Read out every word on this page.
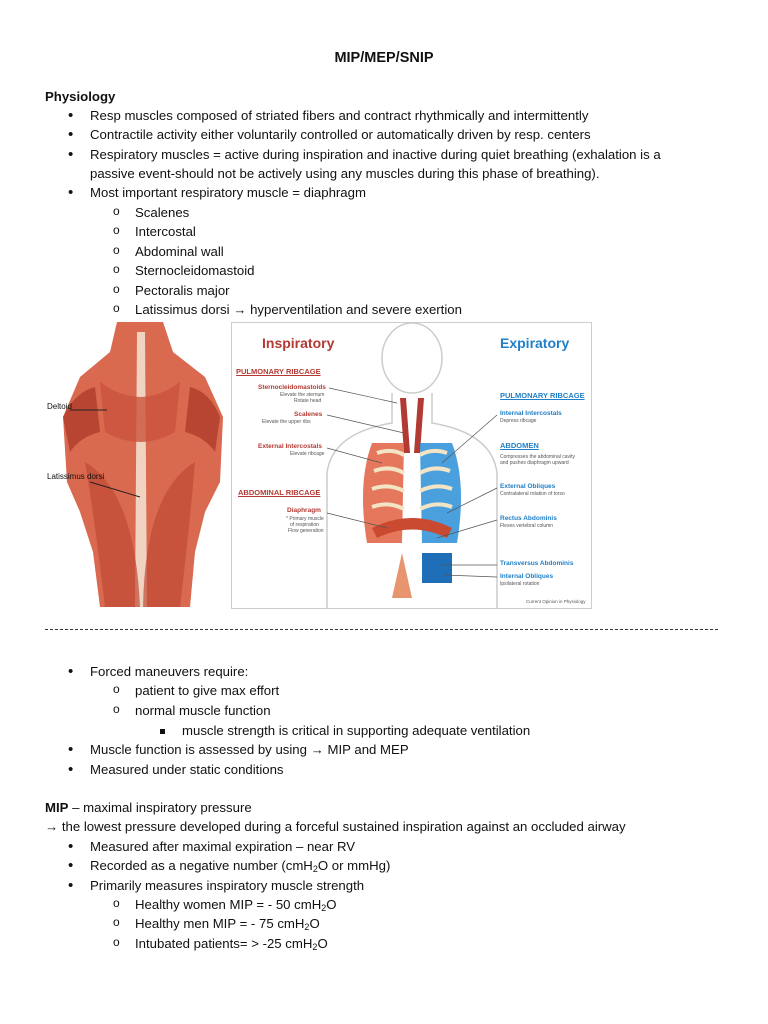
MIP/MEP/SNIP
Physiology
• Resp muscles composed of striated fibers and contract rhythmically and intermittently
• Contractile activity either voluntarily controlled or automatically driven by resp. centers
• Respiratory muscles = active during inspiration and inactive during quiet breathing (exhalation is a
passive event-should not be actively using any muscles during this phase of breathing).
• Most important respiratory muscle = diaphragm
o Scalenes
o Intercostal
o Abdominal wall
o Sternocleidomastoid
o Pectoralis major
o Latissimus dorsi → hyperventilation and severe exertion
Deltoid
Latissimus dorsi
Inspiratory	Expiratory
PULMONARY RIBCAGE
Sternocleidomastoids
Elevate the sternum
Rotate head
Scalenes
Elevate the upper ribs
External Intercostals
Elevate ribcage
ABDOMINAL RIBCAGE
Diaphragm
* Primary muscle
of respiration
Flow generation
PULMONARY RIBCAGE
Internal Intercostals
Depress ribcage
ABDOMEN
Compresses the abdominal cavity
and pushes diaphragm upward
External Obliques
Contralateral rotation of torso
Rectus Abdominis
Flexes vertebral column
Transversus Abdominis
Internal Obliques
Ipsilateral rotation
Current Opinion in Physiology
• Forced maneuvers require:
o patient to give max effort
o normal muscle function
muscle strength is critical in supporting adequate ventilation
• Muscle function is assessed by using → MIP and MEP
• Measured under static conditions
MIP – maximal inspiratory pressure
→ the lowest pressure developed during a forceful sustained inspiration against an occluded airway
• Measured after maximal expiration – near RV
• Recorded as a negative number (cmH$_2$O or mmHg)
• Primarily measures inspiratory muscle strength
o Healthy women MIP = - 50 cmH$_2$O
o Healthy men MIP = - 75 cmH$_2$O
o Intubated patients= > -25 cmH$_2$O
